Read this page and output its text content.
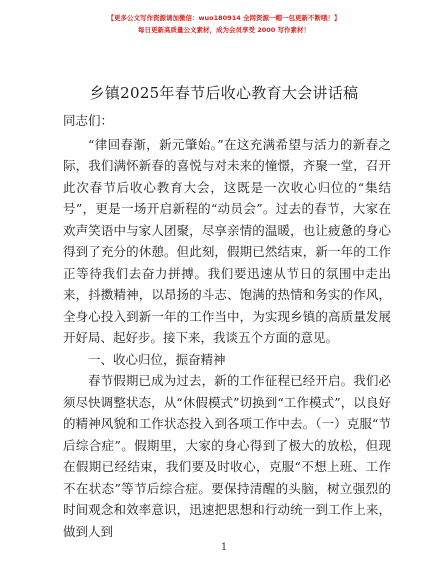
【更多公文写作资源请加微信：wuo180914 全网资源一帽一包更新不断哦！】
每日更新高质量公文素材，成为会员享受 2000 写作素材！
乡镇2025年春节后收心教育大会讲话稿

同志们：

“律回春渐，新元肇始。”在这充满希望与活力的新春之际，我们满怀新春的喜悦与对未来的憧憬，齐聚一堂，召开此次春节后收心教育大会，这既是一次收心归位的“集结号”，更是一场开启新程的“动员会”。过去的春节，大家在欢声笑语中与家人团聚，尽享亲情的温暖，也让疲惫的身心得到了充分的休憩。但此刻，假期已然结束，新一年的工作正等待我们去奋力拼搏。我们要迅速从节日的氛围中走出来，抖擞精神，以昂扬的斗志、饱满的热情和务实的作风，全身心投入到新一年的工作当中，为实现乡镇的高质量发展开好局、起好步。接下来，我谈五个方面的意见。

一、收心归位，振奋精神

春节假期已成为过去，新的工作征程已经开启。我们必须尽快调整状态，从“休假模式”切换到“工作模式”，以良好的精神风貌和工作状态投入到各项工作中去。（一）克服“节后综合症”。假期里，大家的身心得到了极大的放松，但现在假期已经结束，我们要及时收心，克服“不想上班、工作不在状态”等节后综合症。要保持清醒的头脑，树立强烈的时间观念和效率意识，迅速把思想和行动统一到工作上来，做到人到

1
